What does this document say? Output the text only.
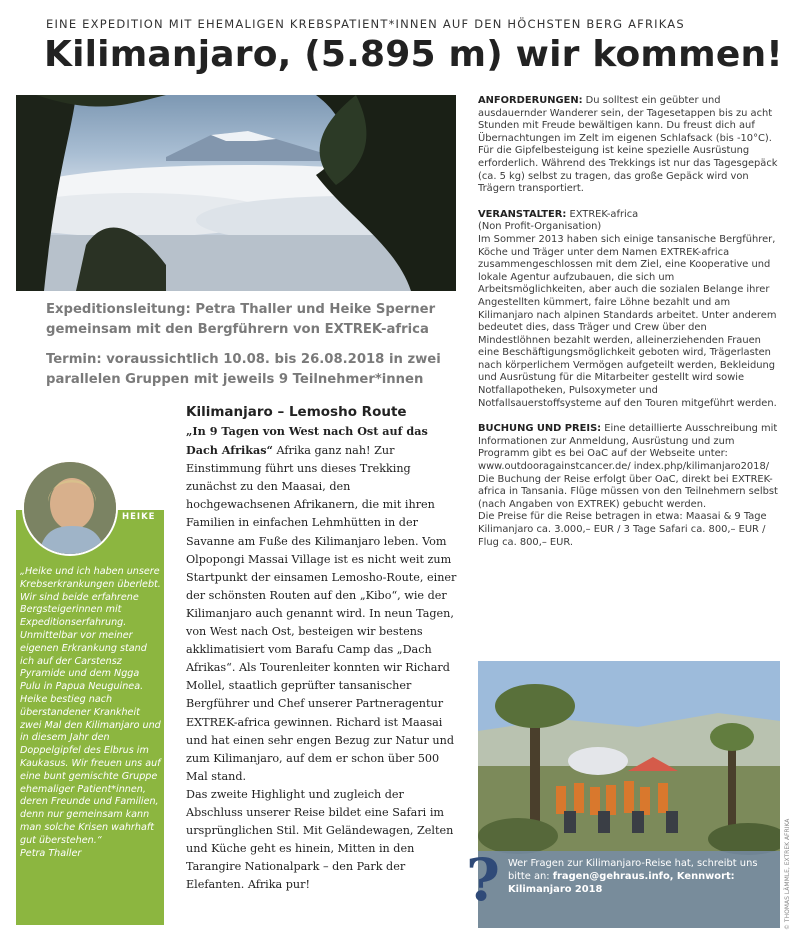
EINE EXPEDITION MIT EHEMALIGEN KREBSPATIENT*INNEN AUF DEN HÖCHSTEN BERG AFRIKAS
Kilimanjaro, (5.895 m) wir kommen!

Expeditionsleitung: Petra Thaller und Heike Sperner gemeinsam mit den Bergführern von EXTREK-africa

Termin: voraussichtlich 10.08. bis 26.08.2018 in zwei parallelen Gruppen mit jeweils 9 Teilnehmer*innen

HEIKE
„Heike und ich haben unsere Krebserkrankungen überlebt. Wir sind beide erfahrene Bergsteigerinnen mit Expeditionserfahrung. Unmittelbar vor meiner eigenen Erkrankung stand ich auf der Carstensz Pyramide und dem Ngga Pulu in Papua Neuguinea. Heike bestieg nach überstandener Krankheit zwei Mal den Kilimanjaro und in diesem Jahr den Doppelgipfel des Elbrus im Kaukasus. Wir freuen uns auf eine bunt gemischte Gruppe ehemaliger Patient*innen, deren Freunde und Familien, denn nur gemeinsam kann man solche Krisen wahrhaft gut überstehen.“
Petra Thaller
Kilimanjaro – Lemosho Route

„In 9 Tagen von West nach Ost auf das Dach Afrikas“ Afrika ganz nah! Zur Einstimmung führt uns dieses Trekking zunächst zu den Maasai, den hochgewachsenen Afrikanern, die mit ihren Familien in einfachen Lehmhütten in der Savanne am Fuße des Kilimanjaro leben. Vom Olpopongi Massai Village ist es nicht weit zum Startpunkt der einsamen Lemosho-Route, einer der schönsten Routen auf den „Kibo“, wie der Kilimanjaro auch genannt wird. In neun Tagen, von West nach Ost, besteigen wir bestens akklimatisiert vom Barafu Camp das „Dach Afrikas“. Als Tourenleiter konnten wir Richard Mollel, staatlich geprüfter tansanischer Bergführer und Chef unserer Partneragentur EXTREK-africa gewinnen. Richard ist Maasai und hat einen sehr engen Bezug zur Natur und zum Kilimanjaro, auf dem er schon über 500 Mal stand.

Das zweite Highlight und zugleich der Abschluss unserer Reise bildet eine Safari im ursprünglichen Stil. Mit Geländewagen, Zelten und Küche geht es hinein, Mitten in den Tarangire Nationalpark – den Park der Elefanten. Afrika pur!

ANFORDERUNGEN: Du solltest ein geübter und ausdauernder Wanderer sein, der Tagesetappen bis zu acht Stunden mit Freude bewältigen kann. Du freust dich auf Übernachtungen im Zelt im eigenen Schlafsack (bis -10°C). Für die Gipfelbesteigung ist keine spezielle Ausrüstung erforderlich. Während des Trekkings ist nur das Tagesgepäck (ca. 5 kg) selbst zu tragen, das große Gepäck wird von Trägern transportiert.
VERANSTALTER: EXTREK-africa
(Non Profit-Organisation)
Im Sommer 2013 haben sich einige tansanische Bergführer, Köche und Träger unter dem Namen EXTREK-africa zusammengeschlossen mit dem Ziel, eine Kooperative und lokale Agentur aufzubauen, die sich um Arbeitsmöglichkeiten, aber auch die sozialen Belange ihrer Angestellten kümmert, faire Löhne bezahlt und am Kilimanjaro nach alpinen Standards arbeitet. Unter anderem bedeutet dies, dass Träger und Crew über den Mindestlöhnen bezahlt werden, alleinerziehenden Frauen eine Beschäftigungsmöglichkeit geboten wird, Trägerlasten nach körperlichem Vermögen aufgeteilt werden, Bekleidung und Ausrüstung für die Mitarbeiter gestellt wird sowie Notfallapotheken, Pulsoxymeter und Notfallsauerstoffsysteme auf den Touren mitgeführt werden.
BUCHUNG UND PREIS: Eine detaillierte Ausschreibung mit Informationen zur Anmeldung, Ausrüstung und zum Programm gibt es bei OaC auf der Webseite unter: www.outdooragainstcancer.de/ index.php/kilimanjaro2018/
Die Buchung der Reise erfolgt über OaC, direkt bei EXTREK-africa in Tansania. Flüge müssen von den Teilnehmern selbst (nach Angaben von EXTREK) gebucht werden.
Die Preise für die Reise betragen in etwa: Maasai & 9 Tage Kilimanjaro ca. 3.000,– EUR / 3 Tage Safari ca. 800,– EUR / Flug ca. 800,– EUR.
? Wer Fragen zur Kilimanjaro-Reise hat, schreibt uns bitte an: fragen@gehraus.info, Kennwort: Kilimanjaro 2018	© THOMAS LÄMMLE, EXTREK AFRIKA
